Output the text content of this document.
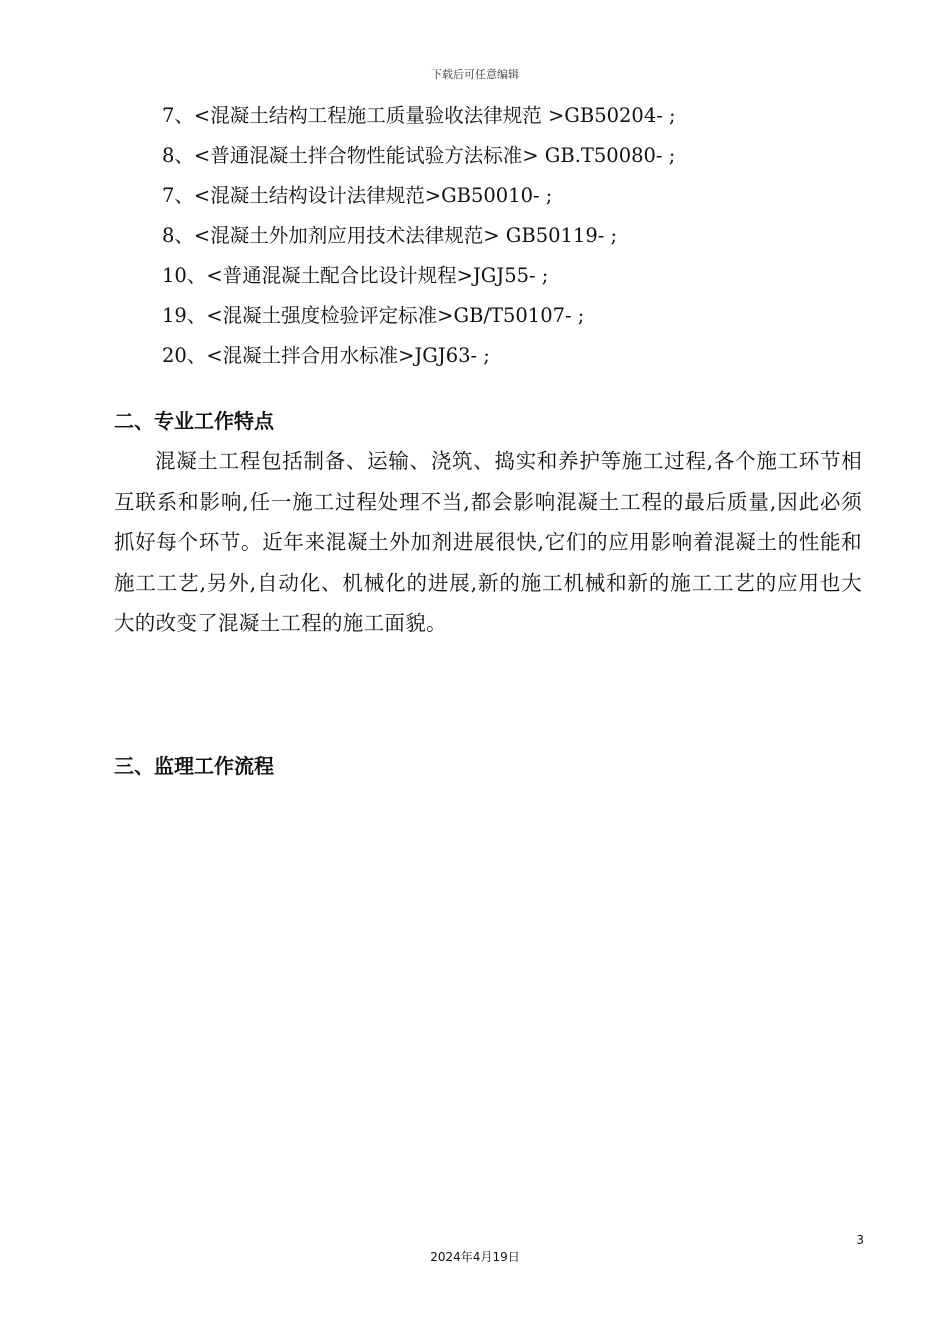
下载后可任意编辑
7、<混凝土结构工程施工质量验收法律规范 >GB50204- ;
8、<普通混凝土拌合物性能试验方法标准> GB.T50080- ;
7、<混凝土结构设计法律规范>GB50010- ;
8、<混凝土外加剂应用技术法律规范> GB50119- ;
10、<普通混凝土配合比设计规程>JGJ55- ;
19、<混凝土强度检验评定标准>GB/T50107- ;
20、<混凝土拌合用水标准>JGJ63- ;
二、专业工作特点

混凝土工程包括制备、运输、浇筑、捣实和养护等施工过程,各个施工环节相互联系和影响,任一施工过程处理不当,都会影响混凝土工程的最后质量,因此必须抓好每个环节。近年来混凝土外加剂进展很快,它们的应用影响着混凝土的性能和施工工艺,另外,自动化、机械化的进展,新的施工机械和新的施工工艺的应用也大大的改变了混凝土工程的施工面貌。

三、监理工作流程
3
2024年4月19日
